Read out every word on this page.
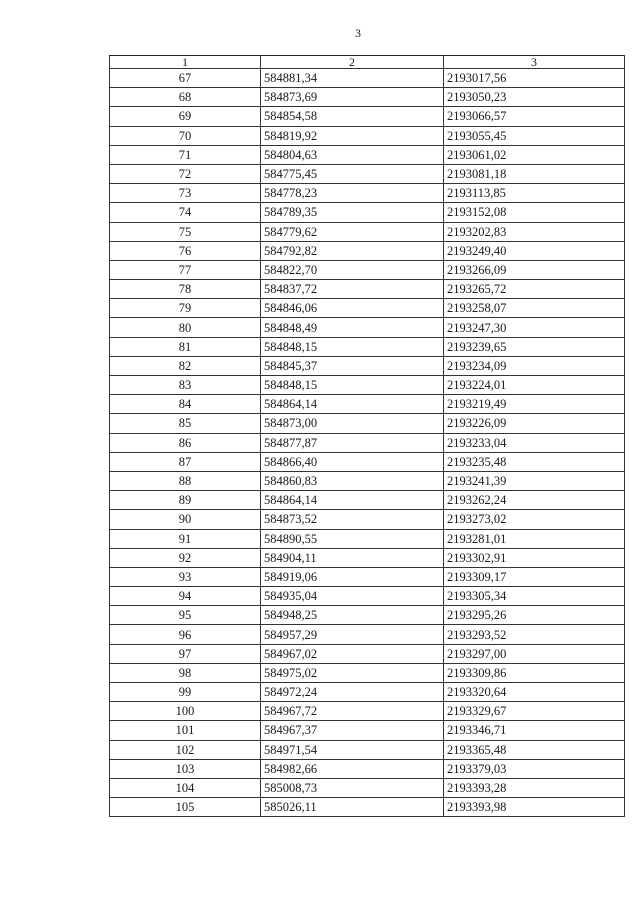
3
1	2	3
67	584881,34	2193017,56
68	584873,69	2193050,23
69	584854,58	2193066,57
70	584819,92	2193055,45
71	584804,63	2193061,02
72	584775,45	2193081,18
73	584778,23	2193113,85
74	584789,35	2193152,08
75	584779,62	2193202,83
76	584792,82	2193249,40
77	584822,70	2193266,09
78	584837,72	2193265,72
79	584846,06	2193258,07
80	584848,49	2193247,30
81	584848,15	2193239,65
82	584845,37	2193234,09
83	584848,15	2193224,01
84	584864,14	2193219,49
85	584873,00	2193226,09
86	584877,87	2193233,04
87	584866,40	2193235,48
88	584860,83	2193241,39
89	584864,14	2193262,24
90	584873,52	2193273,02
91	584890,55	2193281,01
92	584904,11	2193302,91
93	584919,06	2193309,17
94	584935,04	2193305,34
95	584948,25	2193295,26
96	584957,29	2193293,52
97	584967,02	2193297,00
98	584975,02	2193309,86
99	584972,24	2193320,64
100	584967,72	2193329,67
101	584967,37	2193346,71
102	584971,54	2193365,48
103	584982,66	2193379,03
104	585008,73	2193393,28
105	585026,11	2193393,98
